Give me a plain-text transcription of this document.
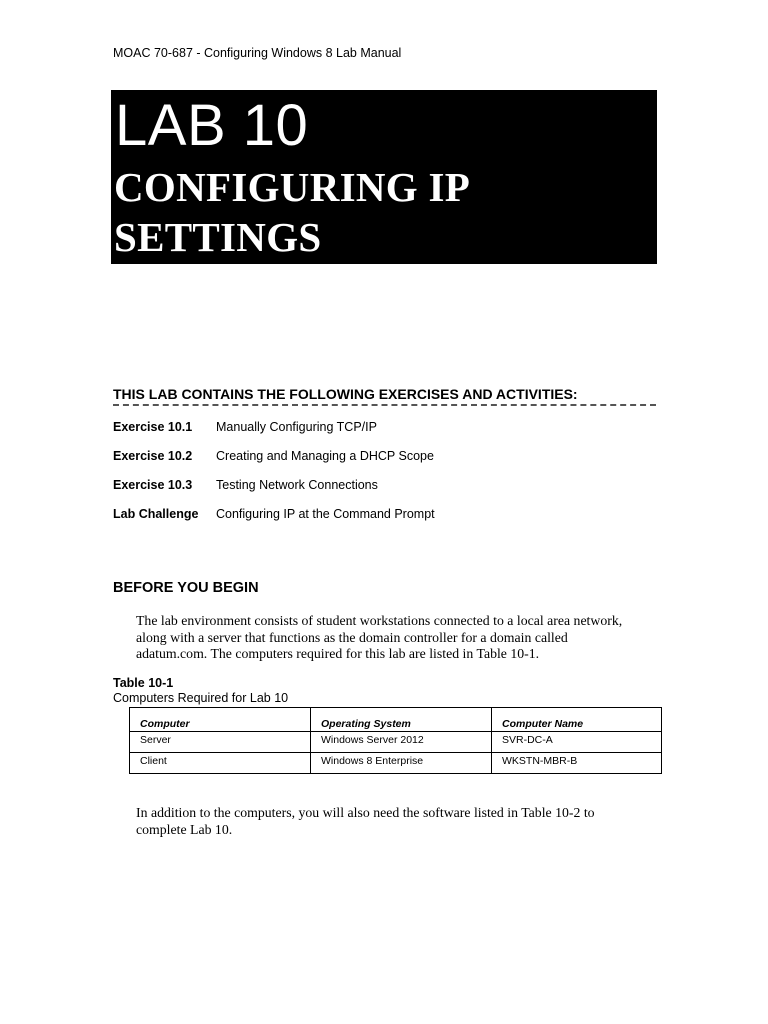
MOAC 70-687 - Configuring Windows 8 Lab Manual
LAB 10
CONFIGURING IP
SETTINGS
THIS LAB CONTAINS THE FOLLOWING EXERCISES AND ACTIVITIES:
Exercise 10.1 Manually Configuring TCP/IP
Exercise 10.2 Creating and Managing a DHCP Scope
Exercise 10.3 Testing Network Connections
Lab Challenge Configuring IP at the Command Prompt
BEFORE YOU BEGIN
The lab environment consists of student workstations connected to a local area network, along with a server that functions as the domain controller for a domain called adatum.com. The computers required for this lab are listed in Table 10-1.
Table 10-1
Computers Required for Lab 10
Computer	Operating System	Computer Name
Server	Windows Server 2012	SVR-DC-A
Client	Windows 8 Enterprise	WKSTN-MBR-B
In addition to the computers, you will also need the software listed in Table 10-2 to complete Lab 10.
